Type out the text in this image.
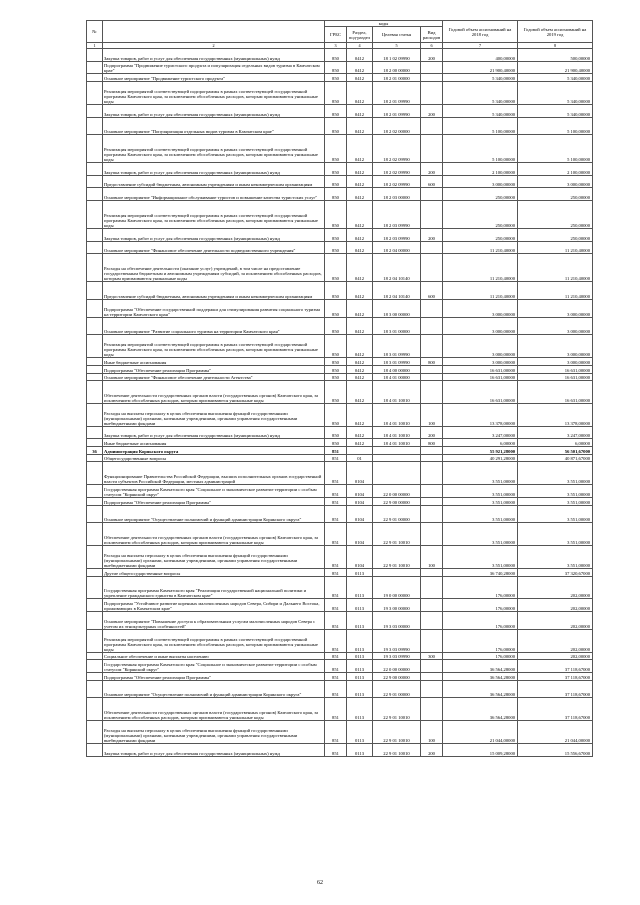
№		коды				Годовой объем ассигнований на 2018 год	Годовой объем ассигнований на 2019 год
		ГРБС	Раздел, под-раздел	Целевая статья	Вид расходов		
1	2	3	4	5	6	7	8
	Закупка товаров, работ и услуг для обеспечения государственных (муниципальных) нужд	850	0412	18 1 02 09990	200	400,00000	500,00000
	Подпрограмма "Продвижение туристского продукта и популяризация отдельных видов туризма в Камчатском крае"	850	0412	18 2 00 00000		21 900,40000	21 900,40000
	Основное мероприятие "Продвижение туристского продукта"	850	0412	18 2 01 00000		5 340,00000	5 340,00000
	Реализация мероприятий соответствующей подпрограммы в рамках соответствующей государственной программы Камчатского края, за исключением обособленных расходов, которым присваиваются уникальные коды	850	0412	18 2 01 09990		5 340,00000	5 340,00000
	Закупка товаров, работ и услуг для обеспечения государственных (муниципальных) нужд	850	0412	18 2 01 09990	200	5 340,00000	5 340,00000
	Основное мероприятие "Популяризация отдельных видов туризма в Камчатском крае"	850	0412	18 2 02 00000		5 100,00000	5 100,00000
	Реализация мероприятий соответствующей подпрограммы в рамках соответствующей государственной программы Камчатского края, за исключением обособленных расходов, которым присваиваются уникальные коды	850	0412	18 2 02 09990		5 100,00000	5 100,00000
	Закупка товаров, работ и услуг для обеспечения государственных (муниципальных) нужд	850	0412	18 2 02 09990	200	2 100,00000	2 100,00000
	Предоставление субсидий бюджетным, автономным учреждениям и иным некоммерческим организациям	850	0412	18 2 02 09990	600	3 000,00000	3 000,00000
	Основное мероприятие "Информационное обслуживание туристов и повышение качества туристских услуг"	850	0412	18 2 03 00000		250,00000	250,00000
	Реализация мероприятий соответствующей подпрограммы в рамках соответствующей государственной программы Камчатского края, за исключением обособленных расходов, которым присваиваются уникальные коды	850	0412	18 2 03 09990		250,00000	250,00000
	Закупка товаров, работ и услуг для обеспечения государственных (муниципальных) нужд	850	0412	18 2 03 09990	200	250,00000	250,00000
	Основное мероприятие "Финансовое обеспечение деятельности подведомственного учреждения"	850	0412	18 2 04 00000		11 210,40000	11 210,40000
	Расходы на обеспечение деятельности (оказание услуг) учреждений, в том числе на предоставление государственным бюджетным и автономным учреждениям субсидий, за исключением обособленных расходов, которым присваиваются уникальные коды	850	0412	18 2 04 10140		11 210,40000	11 210,40000
	Предоставление субсидий бюджетным, автономным учреждениям и иным некоммерческим организациям	850	0412	18 2 04 10140	600	11 210,40000	11 210,40000
	Подпрограмма "Обеспечение государственной поддержки для стимулирования развития социального туризма на территории Камчатского края"	850	0412	18 3 00 00000		3 000,00000	3 000,00000
	Основное мероприятие "Развитие социального туризма на территории Камчатского края"	850	0412	18 3 01 00000		3 000,00000	3 000,00000
	Реализация мероприятий соответствующей подпрограммы в рамках соответствующей государственной программы Камчатского края, за исключением обособленных расходов, которым присваиваются уникальные коды	850	0412	18 3 01 09990		3 000,00000	3 000,00000
	Иные бюджетные ассигнования	850	0412	18 3 01 09990	800	3 000,00000	3 000,00000
	Подпрограмма "Обеспечение реализации Программы"	850	0412	18 4 00 00000		16 631,00000	16 631,00000
	Основное мероприятие "Финансовое обеспечение деятельности Агентства"	850	0412	18 4 01 00000		16 631,00000	16 631,00000
	Обеспечение деятельности государственных органов власти (государственных органов) Камчатского края, за исключением обособленных расходов, которым присваиваются уникальные коды	850	0412	18 4 01 10010		16 631,00000	16 631,00000
	Расходы на выплаты персоналу в целях обеспечения выполнения функций государственными (муниципальными) органами, казенными учреждениями, органами управления государственными внебюджетными фондами	850	0412	18 4 01 10010	100	13 378,00000	13 378,00000
	Закупка товаров, работ и услуг для обеспечения государственных (муниципальных) нужд	850	0412	18 4 01 10010	200	3 247,00000	3 247,00000
	Иные бюджетные ассигнования	850	0412	18 4 01 10010	800	6,00000	6,00000
36	Администрация Корякского округа	851				55 921,28000	56 501,67000
	Общегосударственные вопросы	851	01			40 291,28000	40 871,67000
	Функционирование Правительства Российской Федерации, высших исполнительных органов государственной власти субъектов Российской Федерации, местных администраций	851	0104			3 551,00000	3 551,00000
	Государственная программа Камчатского края "Социальное и экономическое развитие территории с особым статусом "Корякский округ"	851	0104	22 0 00 00000		3 551,00000	3 551,00000
	Подпрограмма "Обеспечение реализации Программы"	851	0104	22 9 00 00000		3 551,00000	3 551,00000
	Основное мероприятие "Осуществление полномочий и функций администрации Корякского округа"	851	0104	22 9 01 00000		3 551,00000	3 551,00000
	Обеспечение деятельности государственных органов власти (государственных органов) Камчатского края, за исключением обособленных расходов, которым присваиваются уникальные коды	851	0104	22 9 01 10010		3 551,00000	3 551,00000
	Расходы на выплаты персоналу в целях обеспечения выполнения функций государственными (муниципальными) органами, казенными учреждениями, органами управления государственными внебюджетными фондами	851	0104	22 9 01 10010	100	3 551,00000	3 551,00000
	Другие общегосударственные вопросы	851	0113			36 740,28000	37 320,67000
	Государственная программа Камчатского края "Реализация государственной национальной политики и укрепление гражданского единства в Камчатском крае"	851	0113	19 0 00 00000		176,00000	202,00000
	Подпрограмма "Устойчивое развитие коренных малочисленных народов Севера, Сибири и Дальнего Востока, проживающих в Камчатском крае"	851	0113	19 3 00 00000		176,00000	202,00000
	Основное мероприятие "Повышение доступа к образовательным услугам малочисленных народов Севера с учетом их этнокультурных особенностей"	851	0113	19 3 03 00000		176,00000	202,00000
	Реализация мероприятий соответствующей подпрограммы в рамках соответствующей государственной программы Камчатского края, за исключением обособленных расходов, которым присваиваются уникальные коды	851	0113	19 3 03 09990		176,00000	202,00000
	Социальное обеспечение и иные выплаты населению	851	0113	19 3 03 09990	300	176,00000	202,00000
	Государственная программа Камчатского края "Социальное и экономическое развитие территории с особым статусом "Корякский округ"	851	0113	22 0 00 00000		36 564,28000	37 118,67000
	Подпрограмма "Обеспечение реализации Программы"	851	0113	22 9 00 00000		36 564,28000	37 118,67000
	Основное мероприятие "Осуществление полномочий и функций администрации Корякского округа"	851	0113	22 9 01 00000		36 564,28000	37 118,67000
	Обеспечение деятельности государственных органов власти (государственных органов) Камчатского края, за исключением обособленных расходов, которым присваиваются уникальные коды	851	0113	22 9 01 10010		36 564,28000	37 118,67000
	Расходы на выплаты персоналу в целях обеспечения выполнения функций государственными (муниципальными) органами, казенными учреждениями, органами управления государственными внебюджетными фондами	851	0113	22 9 01 10010	100	21 044,00000	21 044,00000
	Закупка товаров, работ и услуг для обеспечения государственных (муниципальных) нужд	851	0113	22 9 01 10010	200	15 009,28000	15 556,67000
62
